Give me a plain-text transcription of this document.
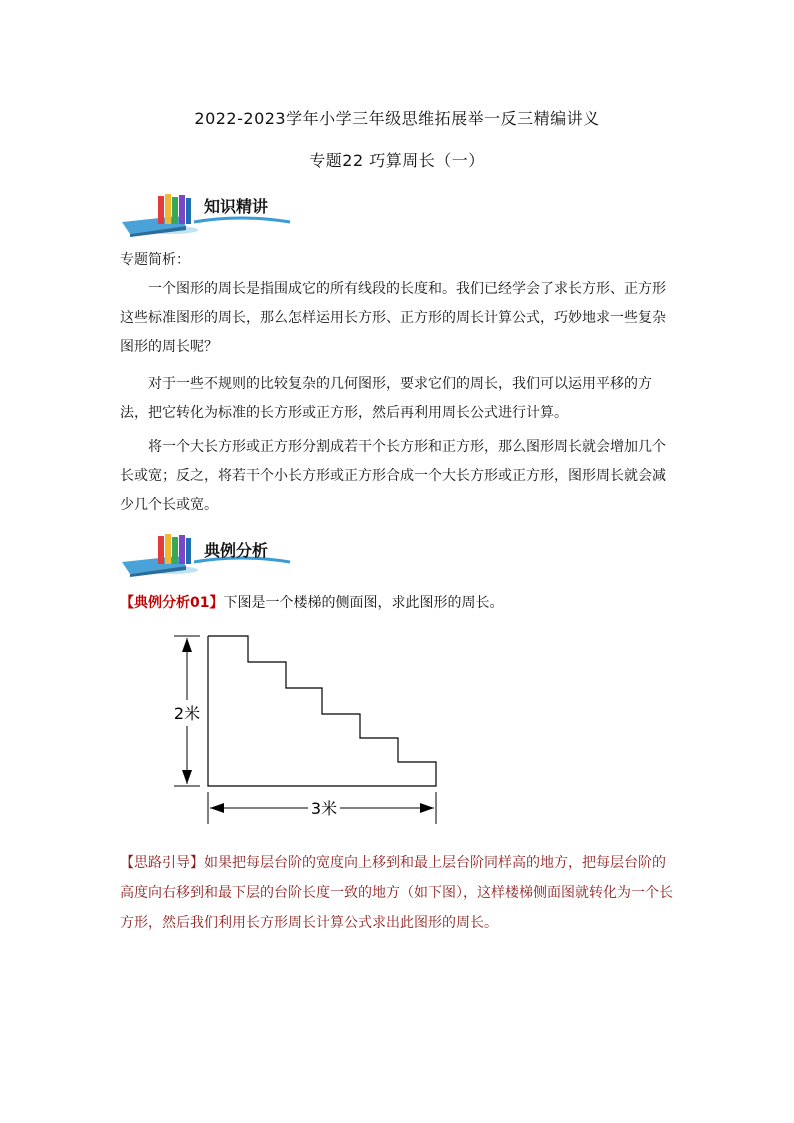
2022-2023学年小学三年级思维拓展举一反三精编讲义
专题22 巧算周长（一）
知识精讲
专题简析：
一个图形的周长是指围成它的所有线段的长度和。我们已经学会了求长方形、正方形这些标准图形的周长，那么怎样运用长方形、正方形的周长计算公式，巧妙地求一些复杂图形的周长呢？
对于一些不规则的比较复杂的几何图形，要求它们的周长，我们可以运用平移的方法，把它转化为标准的长方形或正方形，然后再利用周长公式进行计算。
将一个大长方形或正方形分割成若干个长方形和正方形，那么图形周长就会增加几个长或宽；反之，将若干个小长方形或正方形合成一个大长方形或正方形，图形周长就会减少几个长或宽。
典例分析
【典例分析01】下图是一个楼梯的侧面图，求此图形的周长。
2米
3米
【思路引导】如果把每层台阶的宽度向上移到和最上层台阶同样高的地方，把每层台阶的高度向右移到和最下层的台阶长度一致的地方（如下图），这样楼梯侧面图就转化为一个长方形，然后我们利用长方形周长计算公式求出此图形的周长。
